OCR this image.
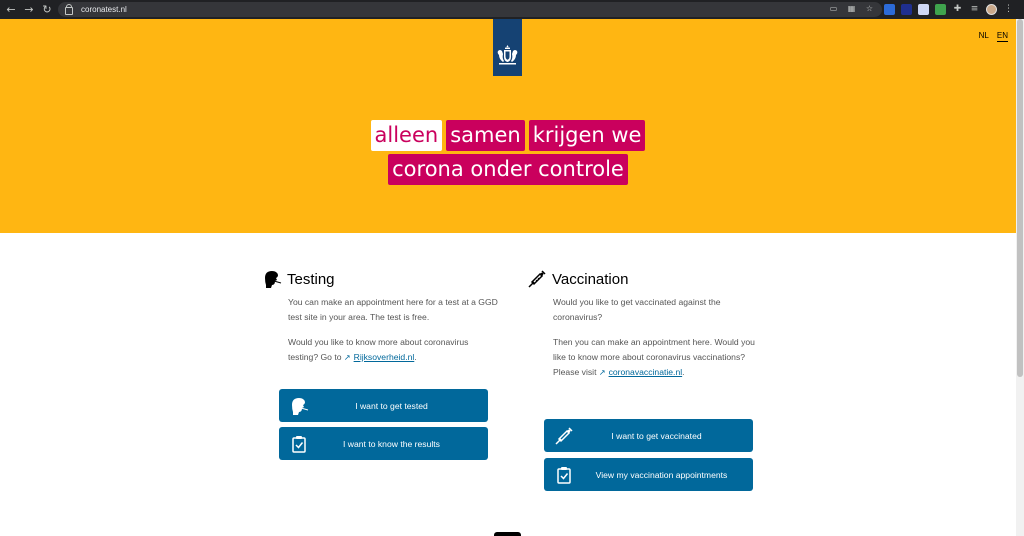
← → ↻	coronatest.nl	▭ ▦ ☆	✚ ≡	⋮
NL EN
alleen samen krijgen we
corona onder controle
Testing

You can make an appointment here for a test at a GGD test site in your area. The test is free.

Would you like to know more about coronavirus testing? Go to ↗ Rijksoverheid.nl.

I want to get tested
I want to know the results
Vaccination

Would you like to get vaccinated against the coronavirus?

Then you can make an appointment here. Would you like to know more about coronavirus vaccinations? Please visit ↗ coronavaccinatie.nl.

I want to get vaccinated
View my vaccination appointments
